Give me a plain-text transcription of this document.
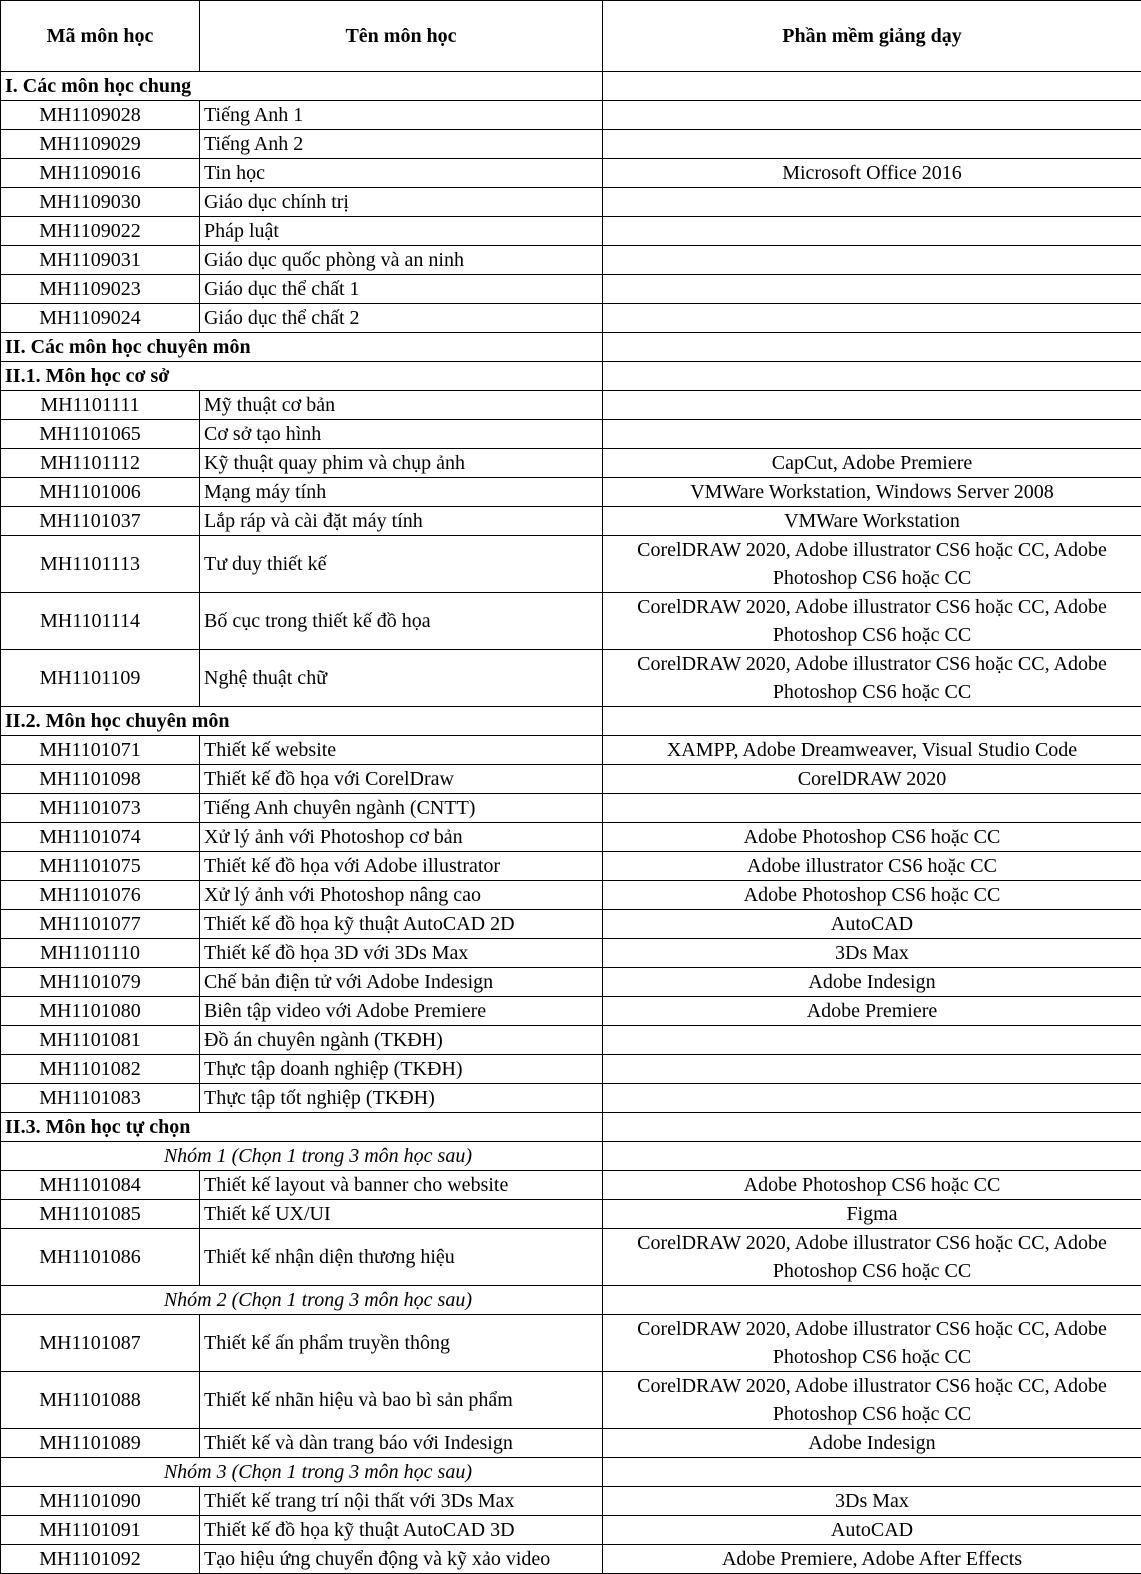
Mã môn học	Tên môn học	Phần mềm giảng dạy
I. Các môn học chung		
MH1109028	Tiếng Anh 1	
MH1109029	Tiếng Anh 2	
MH1109016	Tin học	Microsoft Office 2016
MH1109030	Giáo dục chính trị	
MH1109022	Pháp luật	
MH1109031	Giáo dục quốc phòng và an ninh	
MH1109023	Giáo dục thể chất 1	
MH1109024	Giáo dục thể chất 2	
II. Các môn học chuyên môn		
II.1. Môn học cơ sở		
MH1101111	Mỹ thuật cơ bản	
MH1101065	Cơ sở tạo hình	
MH1101112	Kỹ thuật quay phim và chụp ảnh	CapCut, Adobe Premiere
MH1101006	Mạng máy tính	VMWare Workstation, Windows Server 2008
MH1101037	Lắp ráp và cài đặt máy tính	VMWare Workstation
MH1101113	Tư duy thiết kế	CorelDRAW 2020, Adobe illustrator CS6 hoặc CC, Adobe Photoshop CS6 hoặc CC
MH1101114	Bố cục trong thiết kế đồ họa	CorelDRAW 2020, Adobe illustrator CS6 hoặc CC, Adobe Photoshop CS6 hoặc CC
MH1101109	Nghệ thuật chữ	CorelDRAW 2020, Adobe illustrator CS6 hoặc CC, Adobe Photoshop CS6 hoặc CC
II.2. Môn học chuyên môn		
MH1101071	Thiết kế website	XAMPP, Adobe Dreamweaver, Visual Studio Code
MH1101098	Thiết kế đồ họa với CorelDraw	CorelDRAW 2020
MH1101073	Tiếng Anh chuyên ngành (CNTT)	
MH1101074	Xử lý ảnh với Photoshop cơ bản	Adobe Photoshop CS6 hoặc CC
MH1101075	Thiết kế đồ họa với Adobe illustrator	Adobe illustrator CS6 hoặc CC
MH1101076	Xử lý ảnh với Photoshop nâng cao	Adobe Photoshop CS6 hoặc CC
MH1101077	Thiết kế đồ họa kỹ thuật AutoCAD 2D	AutoCAD
MH1101110	Thiết kế đồ họa 3D với 3Ds Max	3Ds Max
MH1101079	Chế bản điện tử với Adobe Indesign	Adobe Indesign
MH1101080	Biên tập video với Adobe Premiere	Adobe Premiere
MH1101081	Đồ án chuyên ngành (TKĐH)	
MH1101082	Thực tập doanh nghiệp (TKĐH)	
MH1101083	Thực tập tốt nghiệp (TKĐH)	
II.3. Môn học tự chọn		
Nhóm 1 (Chọn 1 trong 3 môn học sau)		
MH1101084	Thiết kế layout và banner cho website	Adobe Photoshop CS6 hoặc CC
MH1101085	Thiết kế UX/UI	Figma
MH1101086	Thiết kế nhận diện thương hiệu	CorelDRAW 2020, Adobe illustrator CS6 hoặc CC, Adobe Photoshop CS6 hoặc CC
Nhóm 2 (Chọn 1 trong 3 môn học sau)		
MH1101087	Thiết kế ấn phẩm truyền thông	CorelDRAW 2020, Adobe illustrator CS6 hoặc CC, Adobe Photoshop CS6 hoặc CC
MH1101088	Thiết kế nhãn hiệu và bao bì sản phẩm	CorelDRAW 2020, Adobe illustrator CS6 hoặc CC, Adobe Photoshop CS6 hoặc CC
MH1101089	Thiết kế và dàn trang báo với Indesign	Adobe Indesign
Nhóm 3 (Chọn 1 trong 3 môn học sau)		
MH1101090	Thiết kế trang trí nội thất với 3Ds Max	3Ds Max
MH1101091	Thiết kế đồ họa kỹ thuật AutoCAD 3D	AutoCAD
MH1101092	Tạo hiệu ứng chuyển động và kỹ xảo video	Adobe Premiere, Adobe After Effects
